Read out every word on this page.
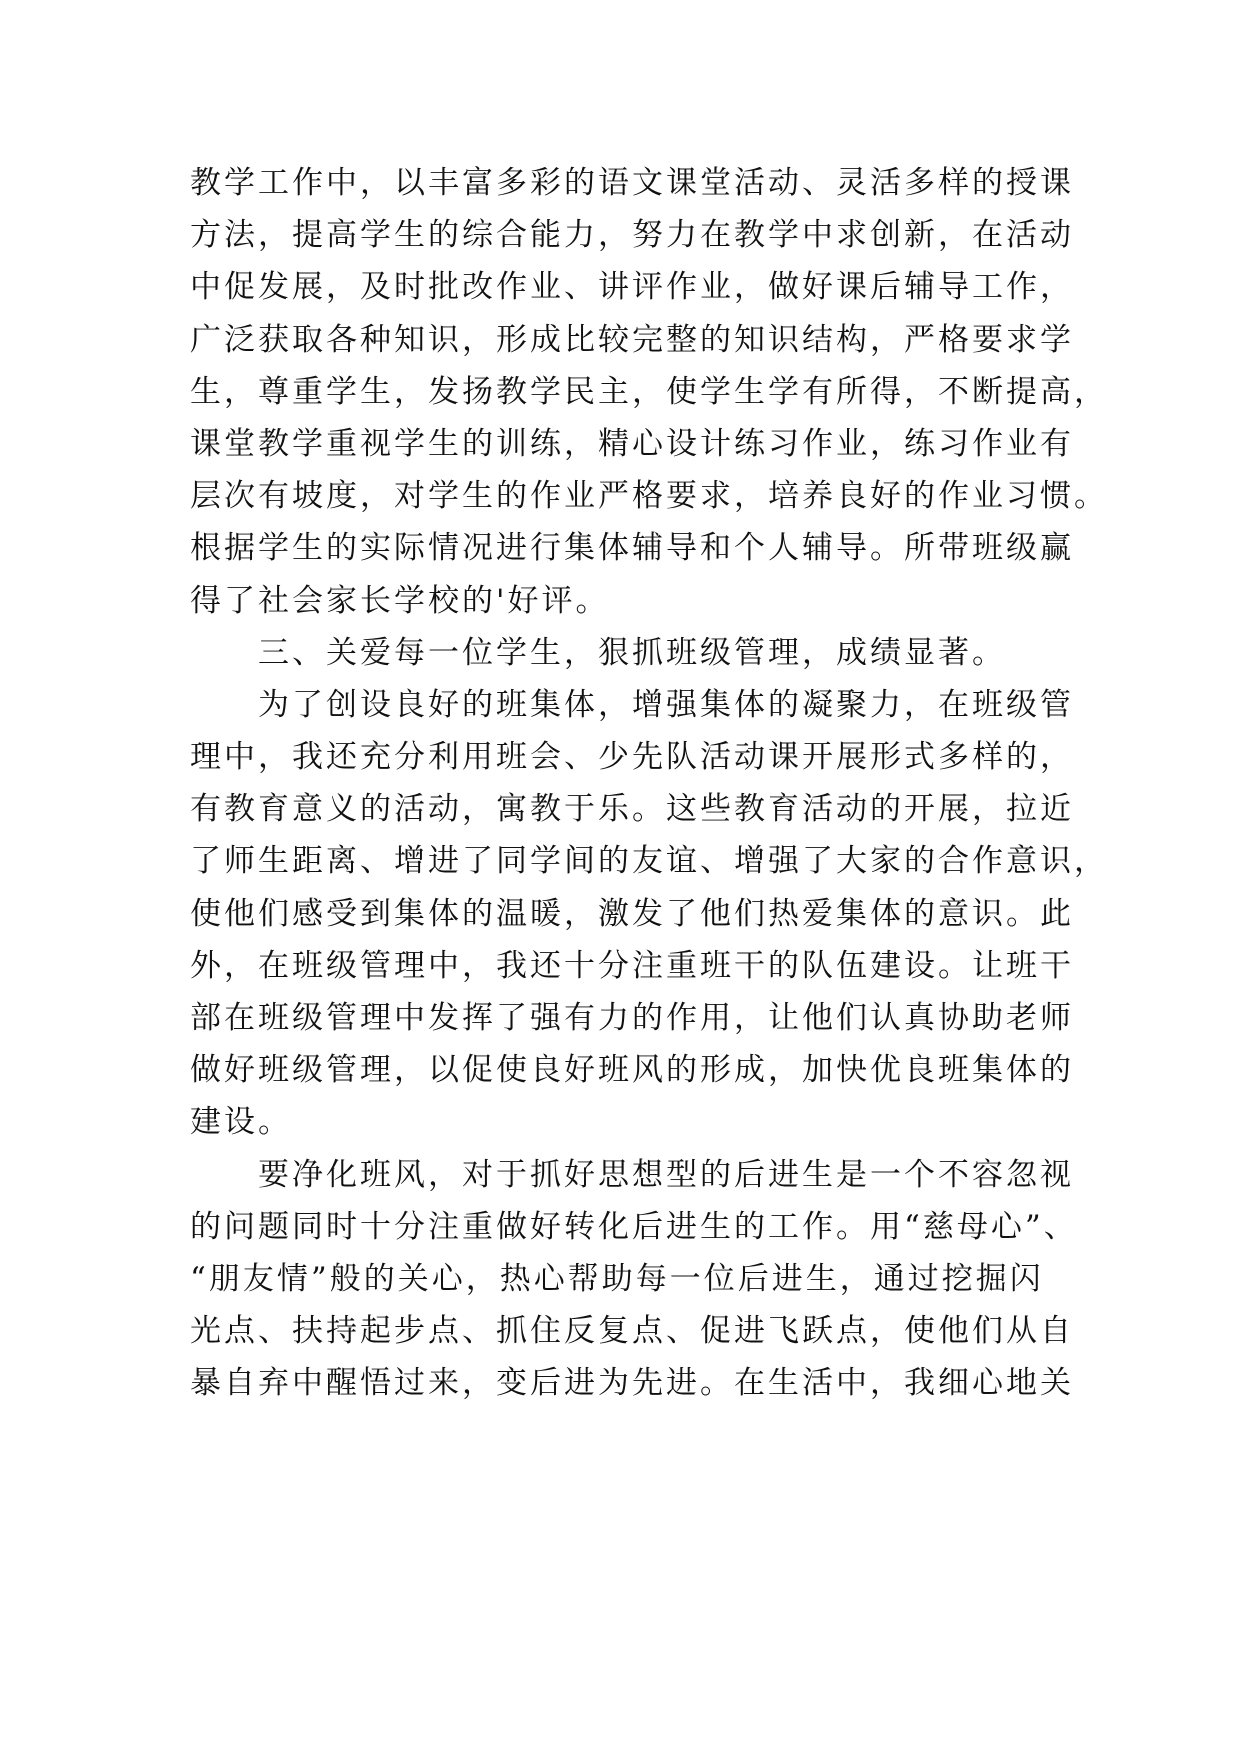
教学工作中，以丰富多彩的语文课堂活动、灵活多样的授课
方法，提高学生的综合能力，努力在教学中求创新，在活动
中促发展，及时批改作业、讲评作业，做好课后辅导工作，
广泛获取各种知识，形成比较完整的知识结构，严格要求学
生，尊重学生，发扬教学民主，使学生学有所得，不断提高，
课堂教学重视学生的训练，精心设计练习作业，练习作业有
层次有坡度，对学生的作业严格要求，培养良好的作业习惯。
根据学生的实际情况进行集体辅导和个人辅导。所带班级赢
得了社会家长学校的'好评。
三、关爱每一位学生，狠抓班级管理，成绩显著。
为了创设良好的班集体，增强集体的凝聚力，在班级管
理中，我还充分利用班会、少先队活动课开展形式多样的，
有教育意义的活动，寓教于乐。这些教育活动的开展，拉近
了师生距离、增进了同学间的友谊、增强了大家的合作意识，
使他们感受到集体的温暖，激发了他们热爱集体的意识。此
外，在班级管理中，我还十分注重班干的队伍建设。让班干
部在班级管理中发挥了强有力的作用，让他们认真协助老师
做好班级管理，以促使良好班风的形成，加快优良班集体的
建设。
要净化班风，对于抓好思想型的后进生是一个不容忽视
的问题同时十分注重做好转化后进生的工作。用“慈母心”、
“朋友情”般的关心，热心帮助每一位后进生，通过挖掘闪
光点、扶持起步点、抓住反复点、促进飞跃点，使他们从自
暴自弃中醒悟过来，变后进为先进。在生活中，我细心地关
